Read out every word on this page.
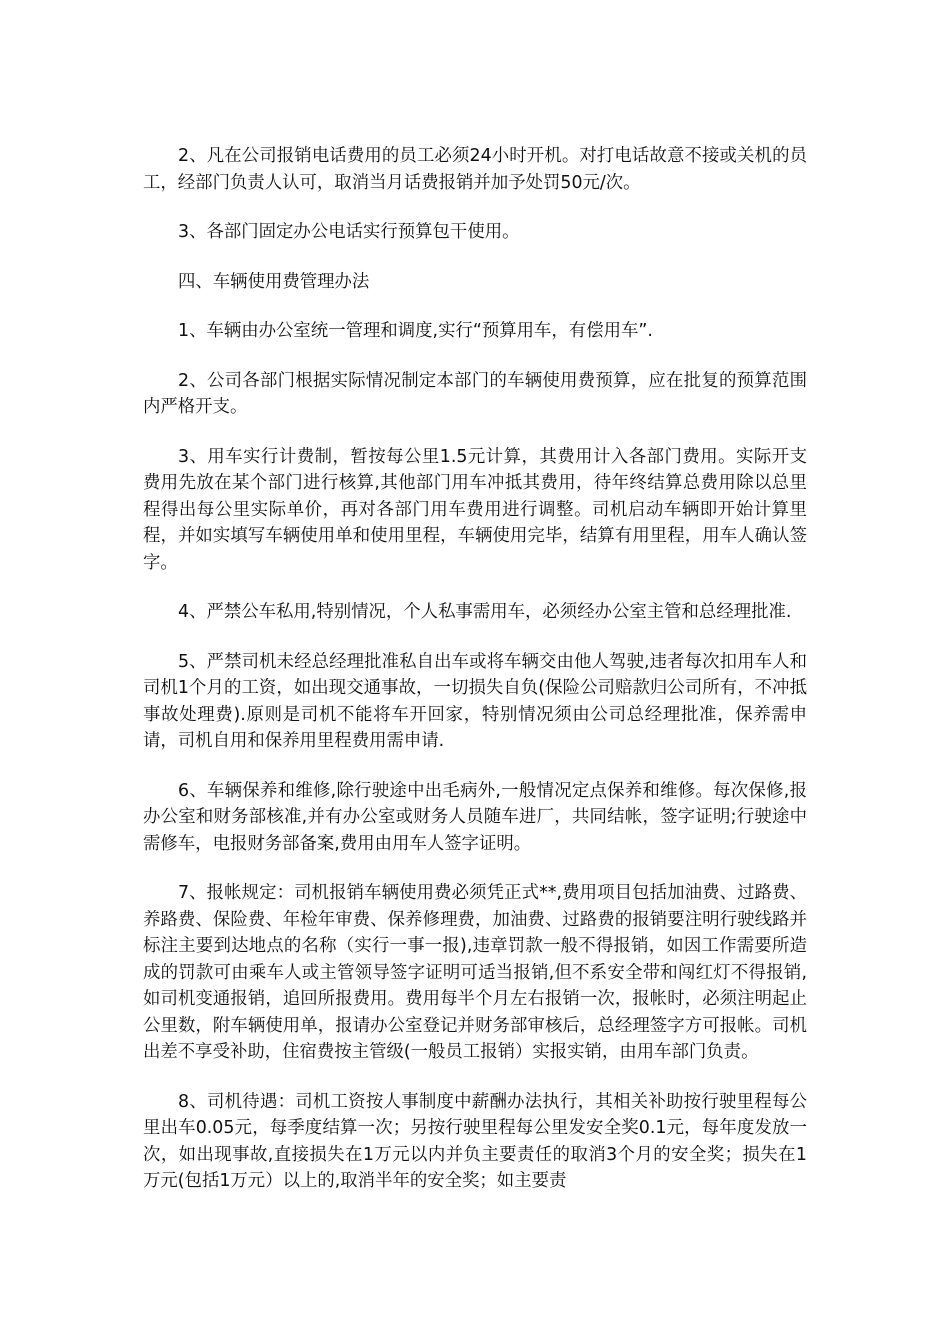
2、凡在公司报销电话费用的员工必须24小时开机。对打电话故意不接或关机的员工，经部门负责人认可，取消当月话费报销并加予处罚50元/次。

3、各部门固定办公电话实行预算包干使用。

四、车辆使用费管理办法

1、车辆由办公室统一管理和调度,实行“预算用车，有偿用车”.

2、公司各部门根据实际情况制定本部门的车辆使用费预算，应在批复的预算范围内严格开支。

3、用车实行计费制，暂按每公里1.5元计算，其费用计入各部门费用。实际开支费用先放在某个部门进行核算,其他部门用车冲抵其费用，待年终结算总费用除以总里程得出每公里实际单价，再对各部门用车费用进行调整。司机启动车辆即开始计算里程，并如实填写车辆使用单和使用里程，车辆使用完毕，结算有用里程，用车人确认签字。

4、严禁公车私用,特别情况，个人私事需用车，必须经办公室主管和总经理批准.

5、严禁司机未经总经理批准私自出车或将车辆交由他人驾驶,违者每次扣用车人和司机1个月的工资，如出现交通事故，一切损失自负(保险公司赔款归公司所有，不冲抵事故处理费).原则是司机不能将车开回家，特别情况须由公司总经理批准，保养需申请，司机自用和保养用里程费用需申请.

6、车辆保养和维修,除行驶途中出毛病外,一般情况定点保养和维修。每次保修,报办公室和财务部核准,并有办公室或财务人员随车进厂，共同结帐，签字证明;行驶途中需修车，电报财务部备案,费用由用车人签字证明。

7、报帐规定：司机报销车辆使用费必须凭正式**,费用项目包括加油费、过路费、养路费、保险费、年检年审费、保养修理费，加油费、过路费的报销要注明行驶线路并标注主要到达地点的名称（实行一事一报),违章罚款一般不得报销，如因工作需要所造成的罚款可由乘车人或主管领导签字证明可适当报销,但不系安全带和闯红灯不得报销,如司机变通报销，追回所报费用。费用每半个月左右报销一次，报帐时，必须注明起止公里数，附车辆使用单，报请办公室登记并财务部审核后，总经理签字方可报帐。司机出差不享受补助，住宿费按主管级(一般员工报销）实报实销，由用车部门负责。

8、司机待遇：司机工资按人事制度中薪酬办法执行，其相关补助按行驶里程每公里出车0.05元，每季度结算一次；另按行驶里程每公里发安全奖0.1元，每年度发放一次，如出现事故,直接损失在1万元以内并负主要责任的取消3个月的安全奖；损失在1万元(包括1万元）以上的,取消半年的安全奖；如主要责
